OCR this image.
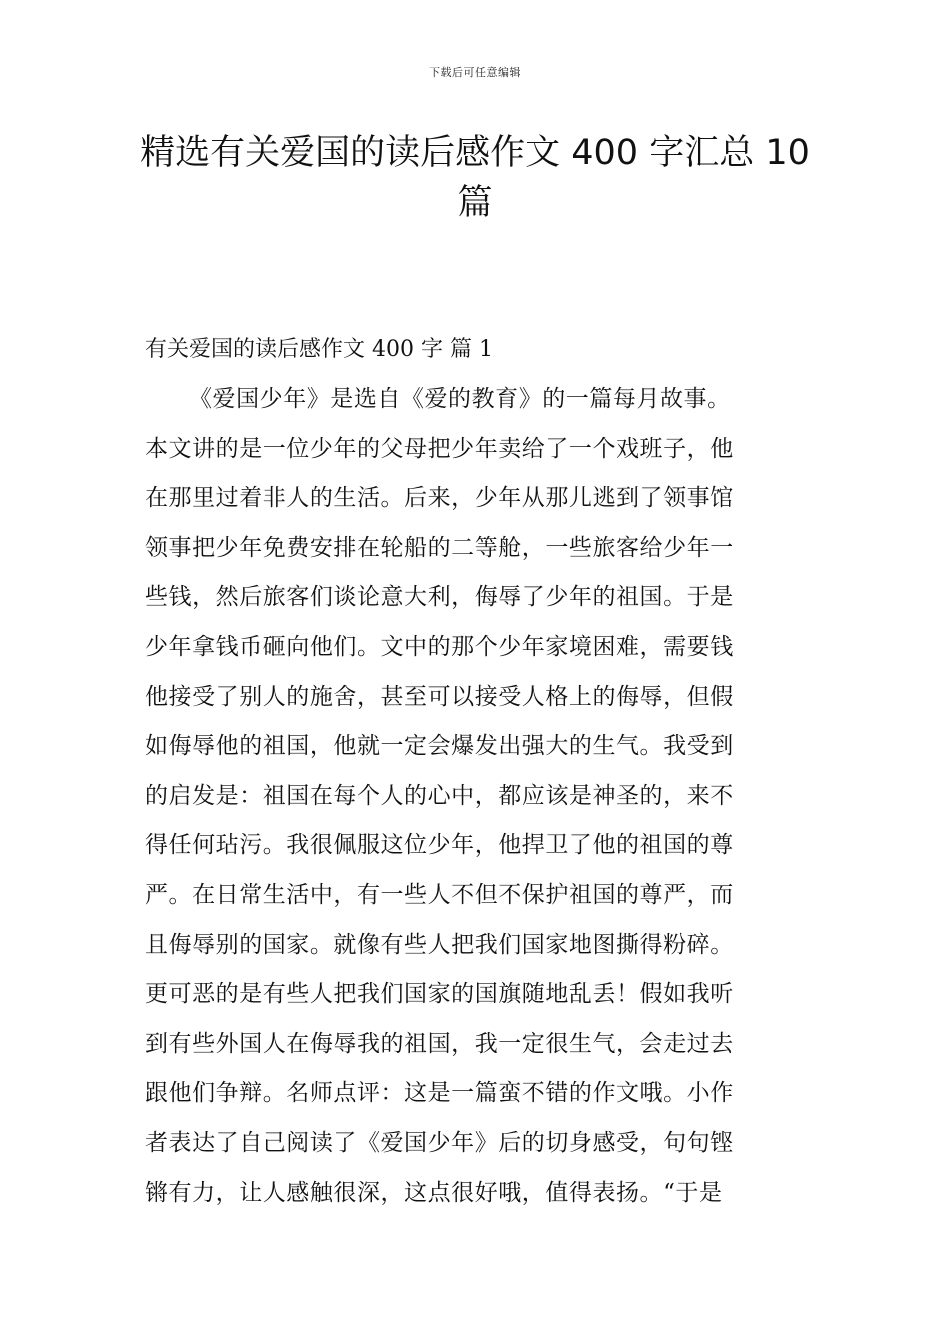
下载后可任意编辑
精选有关爱国的读后感作文 400 字汇总 10
篇
有关爱国的读后感作文 400 字 篇 1
《爱国少年》是选自《爱的教育》的一篇每月故事。
本文讲的是一位少年的父母把少年卖给了一个戏班子，他
在那里过着非人的生活。后来，少年从那儿逃到了领事馆
领事把少年免费安排在轮船的二等舱，一些旅客给少年一
些钱，然后旅客们谈论意大利，侮辱了少年的祖国。于是
少年拿钱币砸向他们。文中的那个少年家境困难，需要钱
他接受了别人的施舍，甚至可以接受人格上的侮辱，但假
如侮辱他的祖国，他就一定会爆发出强大的生气。我受到
的启发是：祖国在每个人的心中，都应该是神圣的，来不
得任何玷污。我很佩服这位少年，他捍卫了他的祖国的尊
严。在日常生活中，有一些人不但不保护祖国的尊严，而
且侮辱别的国家。就像有些人把我们国家地图撕得粉碎。
更可恶的是有些人把我们国家的国旗随地乱丢！假如我听
到有些外国人在侮辱我的祖国，我一定很生气，会走过去
跟他们争辩。名师点评：这是一篇蛮不错的作文哦。小作
者表达了自己阅读了《爱国少年》后的切身感受，句句铿
锵有力，让人感触很深，这点很好哦，值得表扬。“于是
